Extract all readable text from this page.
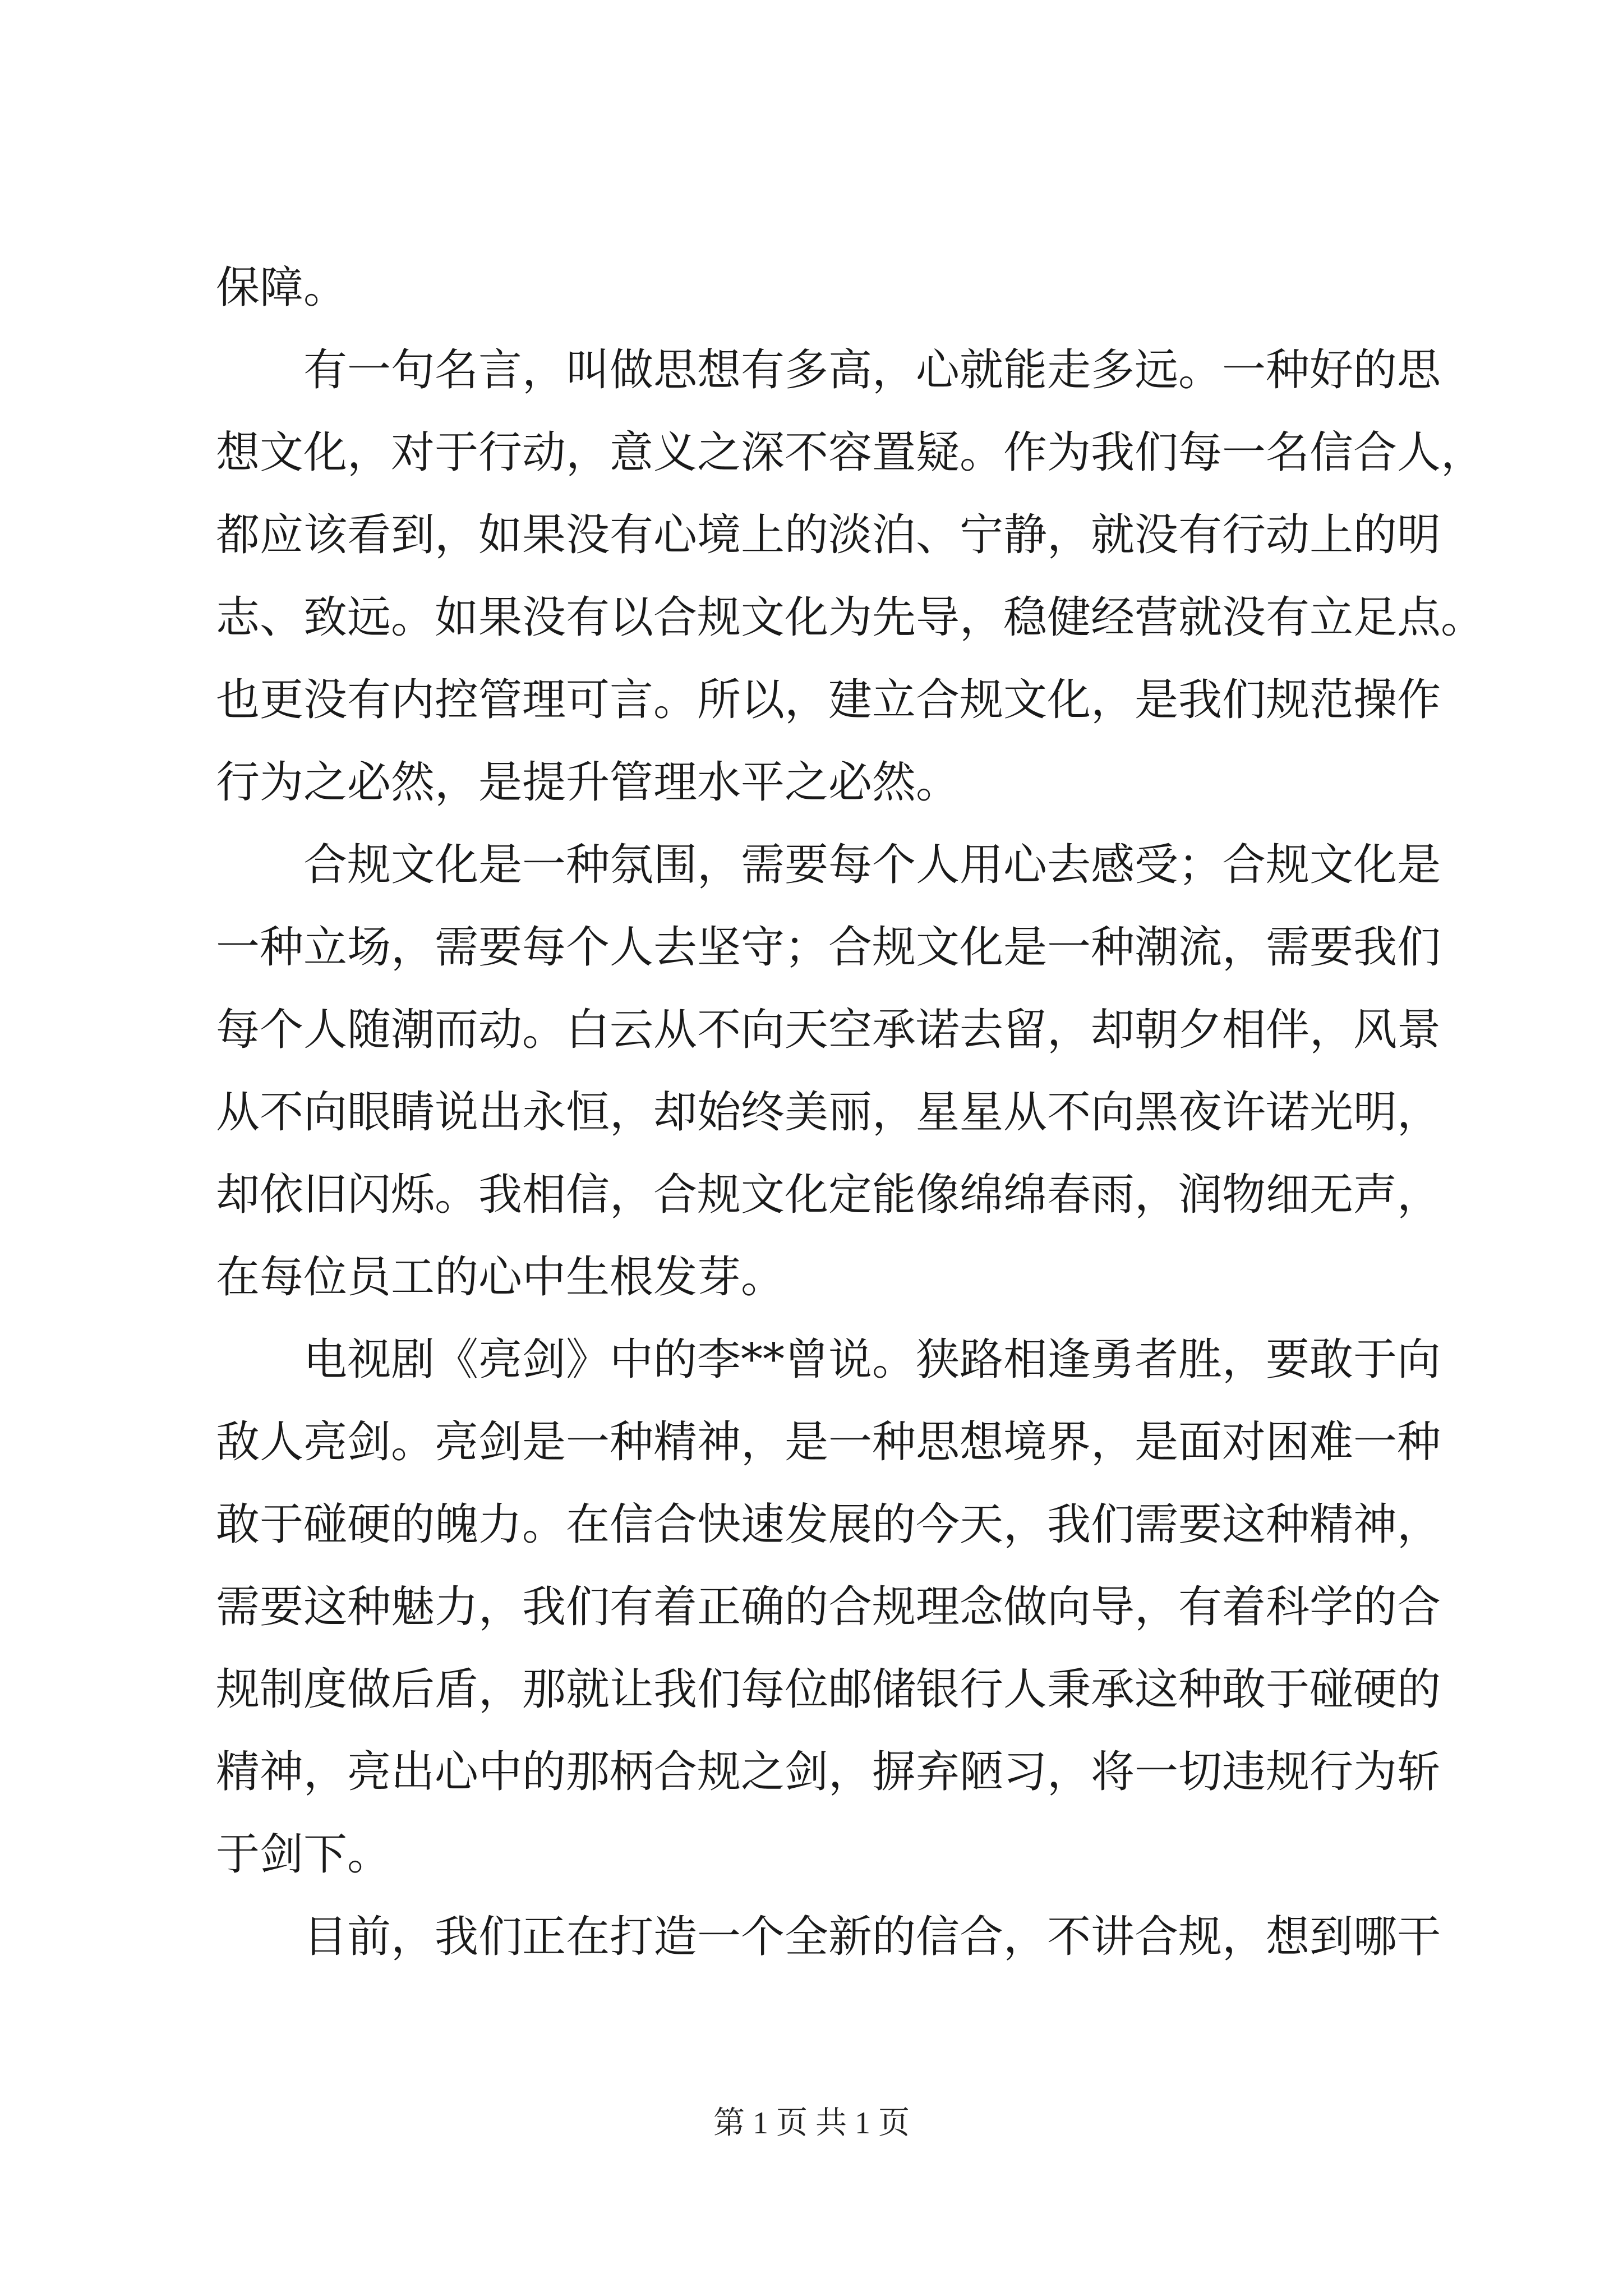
保障。
　　有一句名言，叫做思想有多高，心就能走多远。一种好的思
想文化，对于行动，意义之深不容置疑。作为我们每一名信合人，
都应该看到，如果没有心境上的淡泊、宁静，就没有行动上的明
志、致远。如果没有以合规文化为先导，稳健经营就没有立足点。
也更没有内控管理可言。所以，建立合规文化，是我们规范操作
行为之必然，是提升管理水平之必然。
　　合规文化是一种氛围，需要每个人用心去感受；合规文化是
一种立场，需要每个人去坚守；合规文化是一种潮流，需要我们
每个人随潮而动。白云从不向天空承诺去留，却朝夕相伴，风景
从不向眼睛说出永恒，却始终美丽，星星从不向黑夜许诺光明，
却依旧闪烁。我相信，合规文化定能像绵绵春雨，润物细无声，
在每位员工的心中生根发芽。
　　电视剧《亮剑》中的李**曾说。狭路相逢勇者胜，要敢于向
敌人亮剑。亮剑是一种精神，是一种思想境界，是面对困难一种
敢于碰硬的魄力。在信合快速发展的今天，我们需要这种精神，
需要这种魅力，我们有着正确的合规理念做向导，有着科学的合
规制度做后盾，那就让我们每位邮储银行人秉承这种敢于碰硬的
精神，亮出心中的那柄合规之剑，摒弃陋习，将一切违规行为斩
于剑下。
　　目前，我们正在打造一个全新的信合，不讲合规，想到哪干
第 1 页 共 1 页
